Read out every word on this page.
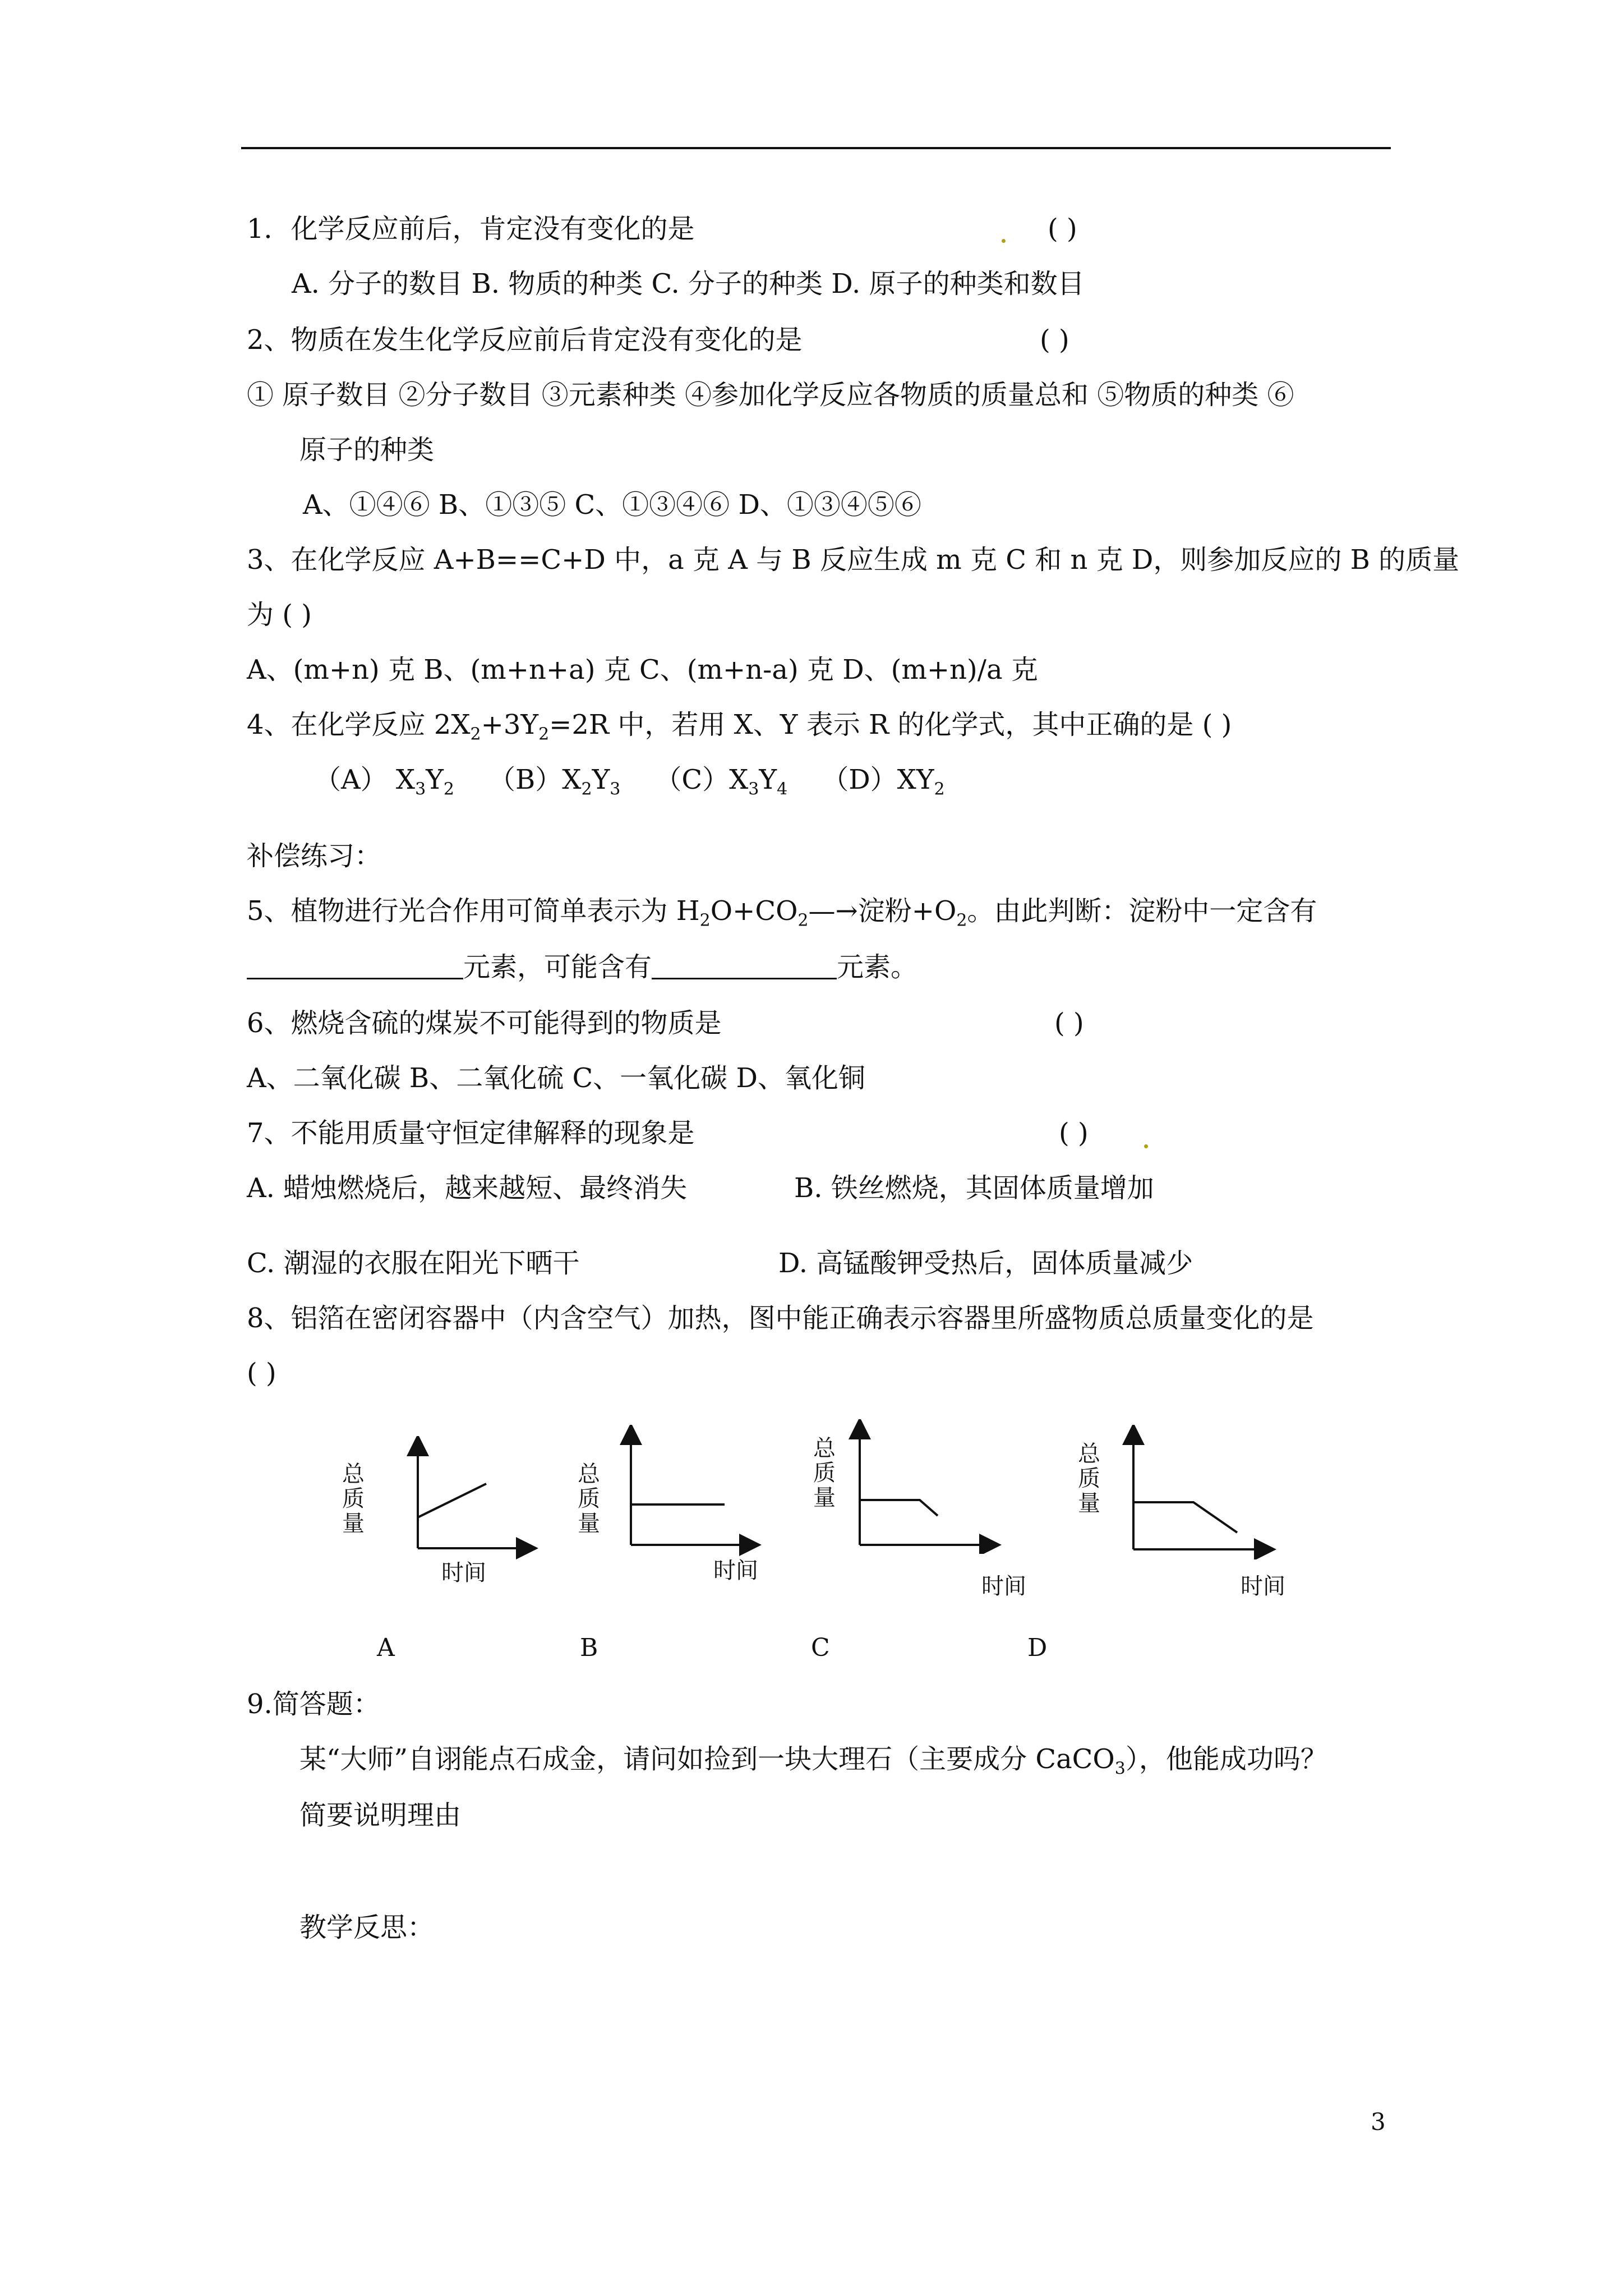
1．化学反应前后，肯定没有变化的是	( )
A. 分子的数目 B. 物质的种类 C. 分子的种类 D. 原子的种类和数目
2、物质在发生化学反应前后肯定没有变化的是	( )
① 原子数目 ②分子数目 ③元素种类 ④参加化学反应各物质的质量总和 ⑤物质的种类 ⑥
原子的种类
A、①④⑥ B、①③⑤ C、①③④⑥ D、①③④⑤⑥
3、在化学反应 A+B==C+D 中，a 克 A 与 B 反应生成 m 克 C 和 n 克 D，则参加反应的 B 的质量
为 ( )
A、(m+n) 克 B、(m+n+a) 克 C、(m+n-a) 克 D、(m+n)/a 克
4、在化学反应 $2X_2+3Y_2=2R$ 中，若用 X、Y 表示 R 的化学式，其中正确的是 ( )
（A） $X_3Y_2$ $(B)X_2Y_3$ $(C)X_3Y_4$ $(D)XY_2$
补偿练习：
5、植物进行光合作用可简单表示为 $H_2O+CO_2—\to$淀粉$+O_2$。由此判断：淀粉中一定含有
元素，可能含有	元素。
6、燃烧含硫的煤炭不可能得到的物质是	( )
A、二氧化碳 B、二氧化硫 C、一氧化碳 D、氧化铜
7、不能用质量守恒定律解释的现象是	( )
A. 蜡烛燃烧后，越来越短、最终消失	B. 铁丝燃烧，其固体质量增加
C. 潮湿的衣服在阳光下晒干	D. 高锰酸钾受热后，固体质量减少
8、铝箔在密闭容器中（内含空气）加热，图中能正确表示容器里所盛物质总质量变化的是
( )
总质量
时间
A
总质量
时间
B
总质量
时间
C
总质量
时间
D
9.简答题：
某“大师”自诩能点石成金，请问如捡到一块大理石（主要成分 CaCO$_3$），他能成功吗？
简要说明理由
教学反思：
3
